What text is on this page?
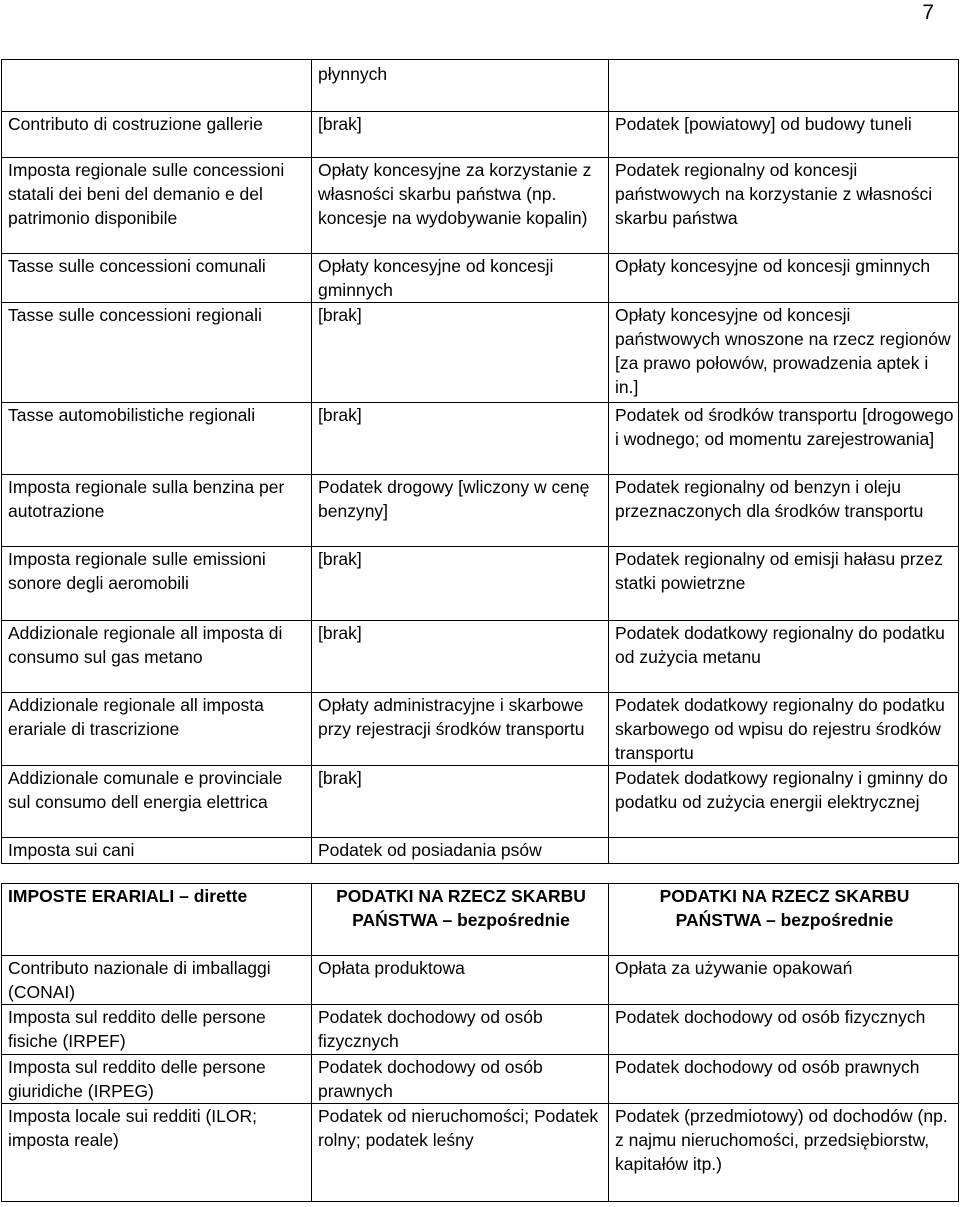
7
	płynnych	
Contributo di costruzione gallerie	[brak]	Podatek [powiatowy] od budowy tuneli
Imposta regionale sulle concessioni statali dei beni del demanio e del patrimonio disponibile	Opłaty koncesyjne za korzystanie z własności skarbu państwa (np. koncesje na wydobywanie kopalin)	Podatek regionalny od koncesji państwowych na korzystanie z własności skarbu państwa
Tasse sulle concessioni comunali	Opłaty koncesyjne od koncesji gminnych	Opłaty koncesyjne od koncesji gminnych
Tasse sulle concessioni regionali	[brak]	Opłaty koncesyjne od koncesji państwowych wnoszone na rzecz regionów [za prawo połowów, prowadzenia aptek i in.]
Tasse automobilistiche regionali	[brak]	Podatek od środków transportu [drogowego i wodnego; od momentu zarejestrowania]
Imposta regionale sulla benzina per autotrazione	Podatek drogowy [wliczony w cenę benzyny]	Podatek regionalny od benzyn i oleju przeznaczonych dla środków transportu
Imposta regionale sulle emissioni sonore degli aeromobili	[brak]	Podatek regionalny od emisji hałasu przez statki powietrzne
Addizionale regionale all imposta di consumo sul gas metano	[brak]	Podatek dodatkowy regionalny do podatku od zużycia metanu
Addizionale regionale all imposta erariale di trascrizione	Opłaty administracyjne i skarbowe przy rejestracji środków transportu	Podatek dodatkowy regionalny do podatku skarbowego od wpisu do rejestru środków transportu
Addizionale comunale e provinciale sul consumo dell energia elettrica	[brak]	Podatek dodatkowy regionalny i gminny do podatku od zużycia energii elektrycznej
Imposta sui cani	Podatek od posiadania psów	
IMPOSTE ERARIALI – dirette	PODATKI NA RZECZ SKARBU PAŃSTWA – bezpośrednie	PODATKI NA RZECZ SKARBU PAŃSTWA – bezpośrednie
Contributo nazionale di imballaggi (CONAI)	Opłata produktowa	Opłata za używanie opakowań
Imposta sul reddito delle persone fisiche (IRPEF)	Podatek dochodowy od osób fizycznych	Podatek dochodowy od osób fizycznych
Imposta sul reddito delle persone giuridiche (IRPEG)	Podatek dochodowy od osób prawnych	Podatek dochodowy od osób prawnych
Imposta locale sui redditi (ILOR; imposta reale)	Podatek od nieruchomości; Podatek rolny; podatek leśny	Podatek (przedmiotowy) od dochodów (np. z najmu nieruchomości, przedsiębiorstw, kapitałów itp.)
